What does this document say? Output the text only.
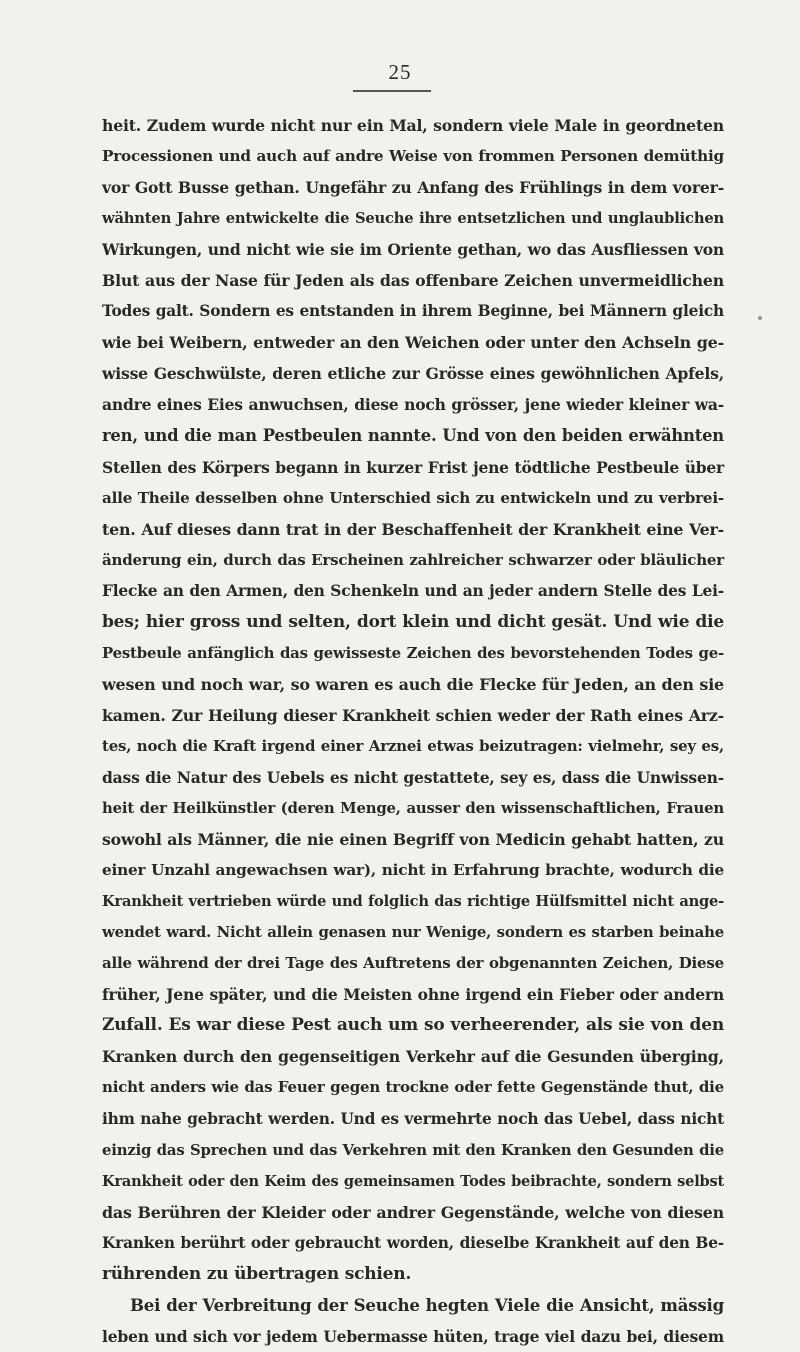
25
heit. Zudem wurde nicht nur ein Mal, sondern viele Male in geordneten
Processionen und auch auf andre Weise von frommen Personen demüthig
vor Gott Busse gethan. Ungefähr zu Anfang des Frühlings in dem vorer-
wähnten Jahre entwickelte die Seuche ihre entsetzlichen und unglaublichen
Wirkungen, und nicht wie sie im Oriente gethan, wo das Ausfliessen von
Blut aus der Nase für Jeden als das offenbare Zeichen unvermeidlichen
Todes galt. Sondern es entstanden in ihrem Beginne, bei Männern gleich
wie bei Weibern, entweder an den Weichen oder unter den Achseln ge-
wisse Geschwülste, deren etliche zur Grösse eines gewöhnlichen Apfels,
andre eines Eies anwuchsen, diese noch grösser, jene wieder kleiner wa-
ren, und die man Pestbeulen nannte. Und von den beiden erwähnten
Stellen des Körpers begann in kurzer Frist jene tödtliche Pestbeule über
alle Theile desselben ohne Unterschied sich zu entwickeln und zu verbrei-
ten. Auf dieses dann trat in der Beschaffenheit der Krankheit eine Ver-
änderung ein, durch das Erscheinen zahlreicher schwarzer oder bläulicher
Flecke an den Armen, den Schenkeln und an jeder andern Stelle des Lei-
bes; hier gross und selten, dort klein und dicht gesät. Und wie die
Pestbeule anfänglich das gewisseste Zeichen des bevorstehenden Todes ge-
wesen und noch war, so waren es auch die Flecke für Jeden, an den sie
kamen. Zur Heilung dieser Krankheit schien weder der Rath eines Arz-
tes, noch die Kraft irgend einer Arznei etwas beizutragen: vielmehr, sey es,
dass die Natur des Uebels es nicht gestattete, sey es, dass die Unwissen-
heit der Heilkünstler (deren Menge, ausser den wissenschaftlichen, Frauen
sowohl als Männer, die nie einen Begriff von Medicin gehabt hatten, zu
einer Unzahl angewachsen war), nicht in Erfahrung brachte, wodurch die
Krankheit vertrieben würde und folglich das richtige Hülfsmittel nicht ange-
wendet ward. Nicht allein genasen nur Wenige, sondern es starben beinahe
alle während der drei Tage des Auftretens der obgenannten Zeichen, Diese
früher, Jene später, und die Meisten ohne irgend ein Fieber oder andern
Zufall. Es war diese Pest auch um so verheerender, als sie von den
Kranken durch den gegenseitigen Verkehr auf die Gesunden überging,
nicht anders wie das Feuer gegen trockne oder fette Gegenstände thut, die
ihm nahe gebracht werden. Und es vermehrte noch das Uebel, dass nicht
einzig das Sprechen und das Verkehren mit den Kranken den Gesunden die
Krankheit oder den Keim des gemeinsamen Todes beibrachte, sondern selbst
das Berühren der Kleider oder andrer Gegenstände, welche von diesen
Kranken berührt oder gebraucht worden, dieselbe Krankheit auf den Be-
rührenden zu übertragen schien.
Bei der Verbreitung der Seuche hegten Viele die Ansicht, mässig
leben und sich vor jedem Uebermasse hüten, trage viel dazu bei, diesem
